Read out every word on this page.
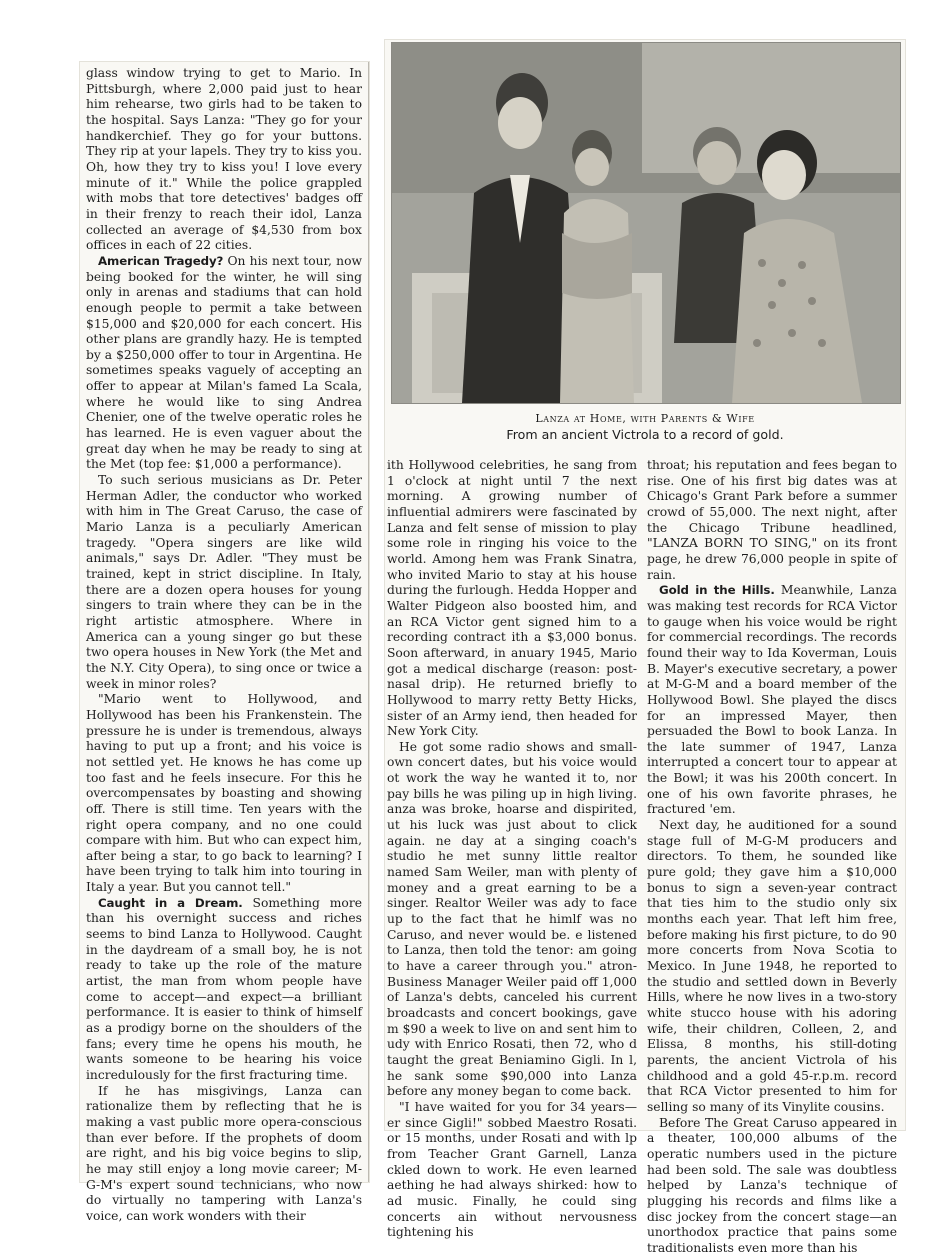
glass window trying to get to Mario. In Pittsburgh, where 2,000 paid just to hear him rehearse, two girls had to be taken to the hospital. Says Lanza: "They go for your handkerchief. They go for your buttons. They rip at your lapels. They try to kiss you. Oh, how they try to kiss you! I love every minute of it." While the police grappled with mobs that tore detectives' badges off in their frenzy to reach their idol, Lanza collected an average of $4,530 from box offices in each of 22 cities.

American Tragedy? On his next tour, now being booked for the winter, he will sing only in arenas and stadiums that can hold enough people to permit a take between $15,000 and $20,000 for each concert. His other plans are grandly hazy. He is tempted by a $250,000 offer to tour in Argentina. He sometimes speaks vaguely of accepting an offer to appear at Milan's famed La Scala, where he would like to sing Andrea Chenier, one of the twelve operatic roles he has learned. He is even vaguer about the great day when he may be ready to sing at the Met (top fee: $1,000 a performance).

To such serious musicians as Dr. Peter Herman Adler, the conductor who worked with him in The Great Caruso, the case of Mario Lanza is a peculiarly American tragedy. "Opera singers are like wild animals," says Dr. Adler. "They must be trained, kept in strict discipline. In Italy, there are a dozen opera houses for young singers to train where they can be in the right artistic atmosphere. Where in America can a young singer go but these two opera houses in New York (the Met and the N.Y. City Opera), to sing once or twice a week in minor roles?

"Mario went to Hollywood, and Hollywood has been his Frankenstein. The pressure he is under is tremendous, always having to put up a front; and his voice is not settled yet. He knows he has come up too fast and he feels insecure. For this he overcompensates by boasting and showing off. There is still time. Ten years with the right opera company, and no one could compare with him. But who can expect him, after being a star, to go back to learning? I have been trying to talk him into touring in Italy a year. But you cannot tell."

Caught in a Dream. Something more than his overnight success and riches seems to bind Lanza to Hollywood. Caught in the daydream of a small boy, he is not ready to take up the role of the mature artist, the man from whom people have come to accept—and expect—a brilliant performance. It is easier to think of himself as a prodigy borne on the shoulders of the fans; every time he opens his mouth, he wants someone to be hearing his voice incredulously for the first fracturing time.

If he has misgivings, Lanza can rationalize them by reflecting that he is making a vast public more opera-conscious than ever before. If the prophets of doom are right, and his big voice begins to slip, he may still enjoy a long movie career; M-G-M's expert sound technicians, who now do virtually no tampering with Lanza's voice, can work wonders with their

Lanza at Home, with Parents & Wife
From an ancient Victrola to a record of gold.

ith Hollywood celebrities, he sang from 1 o'clock at night until 7 the next morning. A growing number of influential admirers were fascinated by Lanza and felt sense of mission to play some role in ringing his voice to the world. Among hem was Frank Sinatra, who invited Mario to stay at his house during the furlough. Hedda Hopper and Walter Pidgeon also boosted him, and an RCA Victor gent signed him to a recording contract ith a $3,000 bonus. Soon afterward, in anuary 1945, Mario got a medical discharge (reason: post-nasal drip). He returned briefly to Hollywood to marry retty Betty Hicks, sister of an Army iend, then headed for New York City.

He got some radio shows and small-own concert dates, but his voice would ot work the way he wanted it to, nor pay bills he was piling up in high living. anza was broke, hoarse and dispirited, ut his luck was just about to click again. ne day at a singing coach's studio he met sunny little realtor named Sam Weiler, man with plenty of money and a great earning to be a singer. Realtor Weiler was ady to face up to the fact that he himlf was no Caruso, and never would be. e listened to Lanza, then told the tenor: am going to have a career through you." atron-Business Manager Weiler paid off 1,000 of Lanza's debts, canceled his current broadcasts and concert bookings, gave m $90 a week to live on and sent him to udy with Enrico Rosati, then 72, who d taught the great Beniamino Gigli. In l, he sank some $90,000 into Lanza before any money began to come back.

"I have waited for you for 34 years—er since Gigli!" sobbed Maestro Rosati. or 15 months, under Rosati and with lp from Teacher Grant Garnell, Lanza ckled down to work. He even learned aething he had always shirked: how to ad music. Finally, he could sing concerts ain without nervousness tightening his

throat; his reputation and fees began to rise. One of his first big dates was at Chicago's Grant Park before a summer crowd of 55,000. The next night, after the Chicago Tribune headlined, "LANZA BORN TO SING," on its front page, he drew 76,000 people in spite of rain.

Gold in the Hills. Meanwhile, Lanza was making test records for RCA Victor to gauge when his voice would be right for commercial recordings. The records found their way to Ida Koverman, Louis B. Mayer's executive secretary, a power at M-G-M and a board member of the Hollywood Bowl. She played the discs for an impressed Mayer, then persuaded the Bowl to book Lanza. In the late summer of 1947, Lanza interrupted a concert tour to appear at the Bowl; it was his 200th concert. In one of his own favorite phrases, he fractured 'em.

Next day, he auditioned for a sound stage full of M-G-M producers and directors. To them, he sounded like pure gold; they gave him a $10,000 bonus to sign a seven-year contract that ties him to the studio only six months each year. That left him free, before making his first picture, to do 90 more concerts from Nova Scotia to Mexico. In June 1948, he reported to the studio and settled down in Beverly Hills, where he now lives in a two-story white stucco house with his adoring wife, their children, Colleen, 2, and Elissa, 8 months, his still-doting parents, the ancient Victrola of his childhood and a gold 45-r.p.m. record that RCA Victor presented to him for selling so many of its Vinylite cousins.

Before The Great Caruso appeared in a theater, 100,000 albums of the operatic numbers used in the picture had been sold. The sale was doubtless helped by Lanza's technique of plugging his records and films like a disc jockey from the concert stage—an unorthodox practice that pains some traditionalists even more than his
